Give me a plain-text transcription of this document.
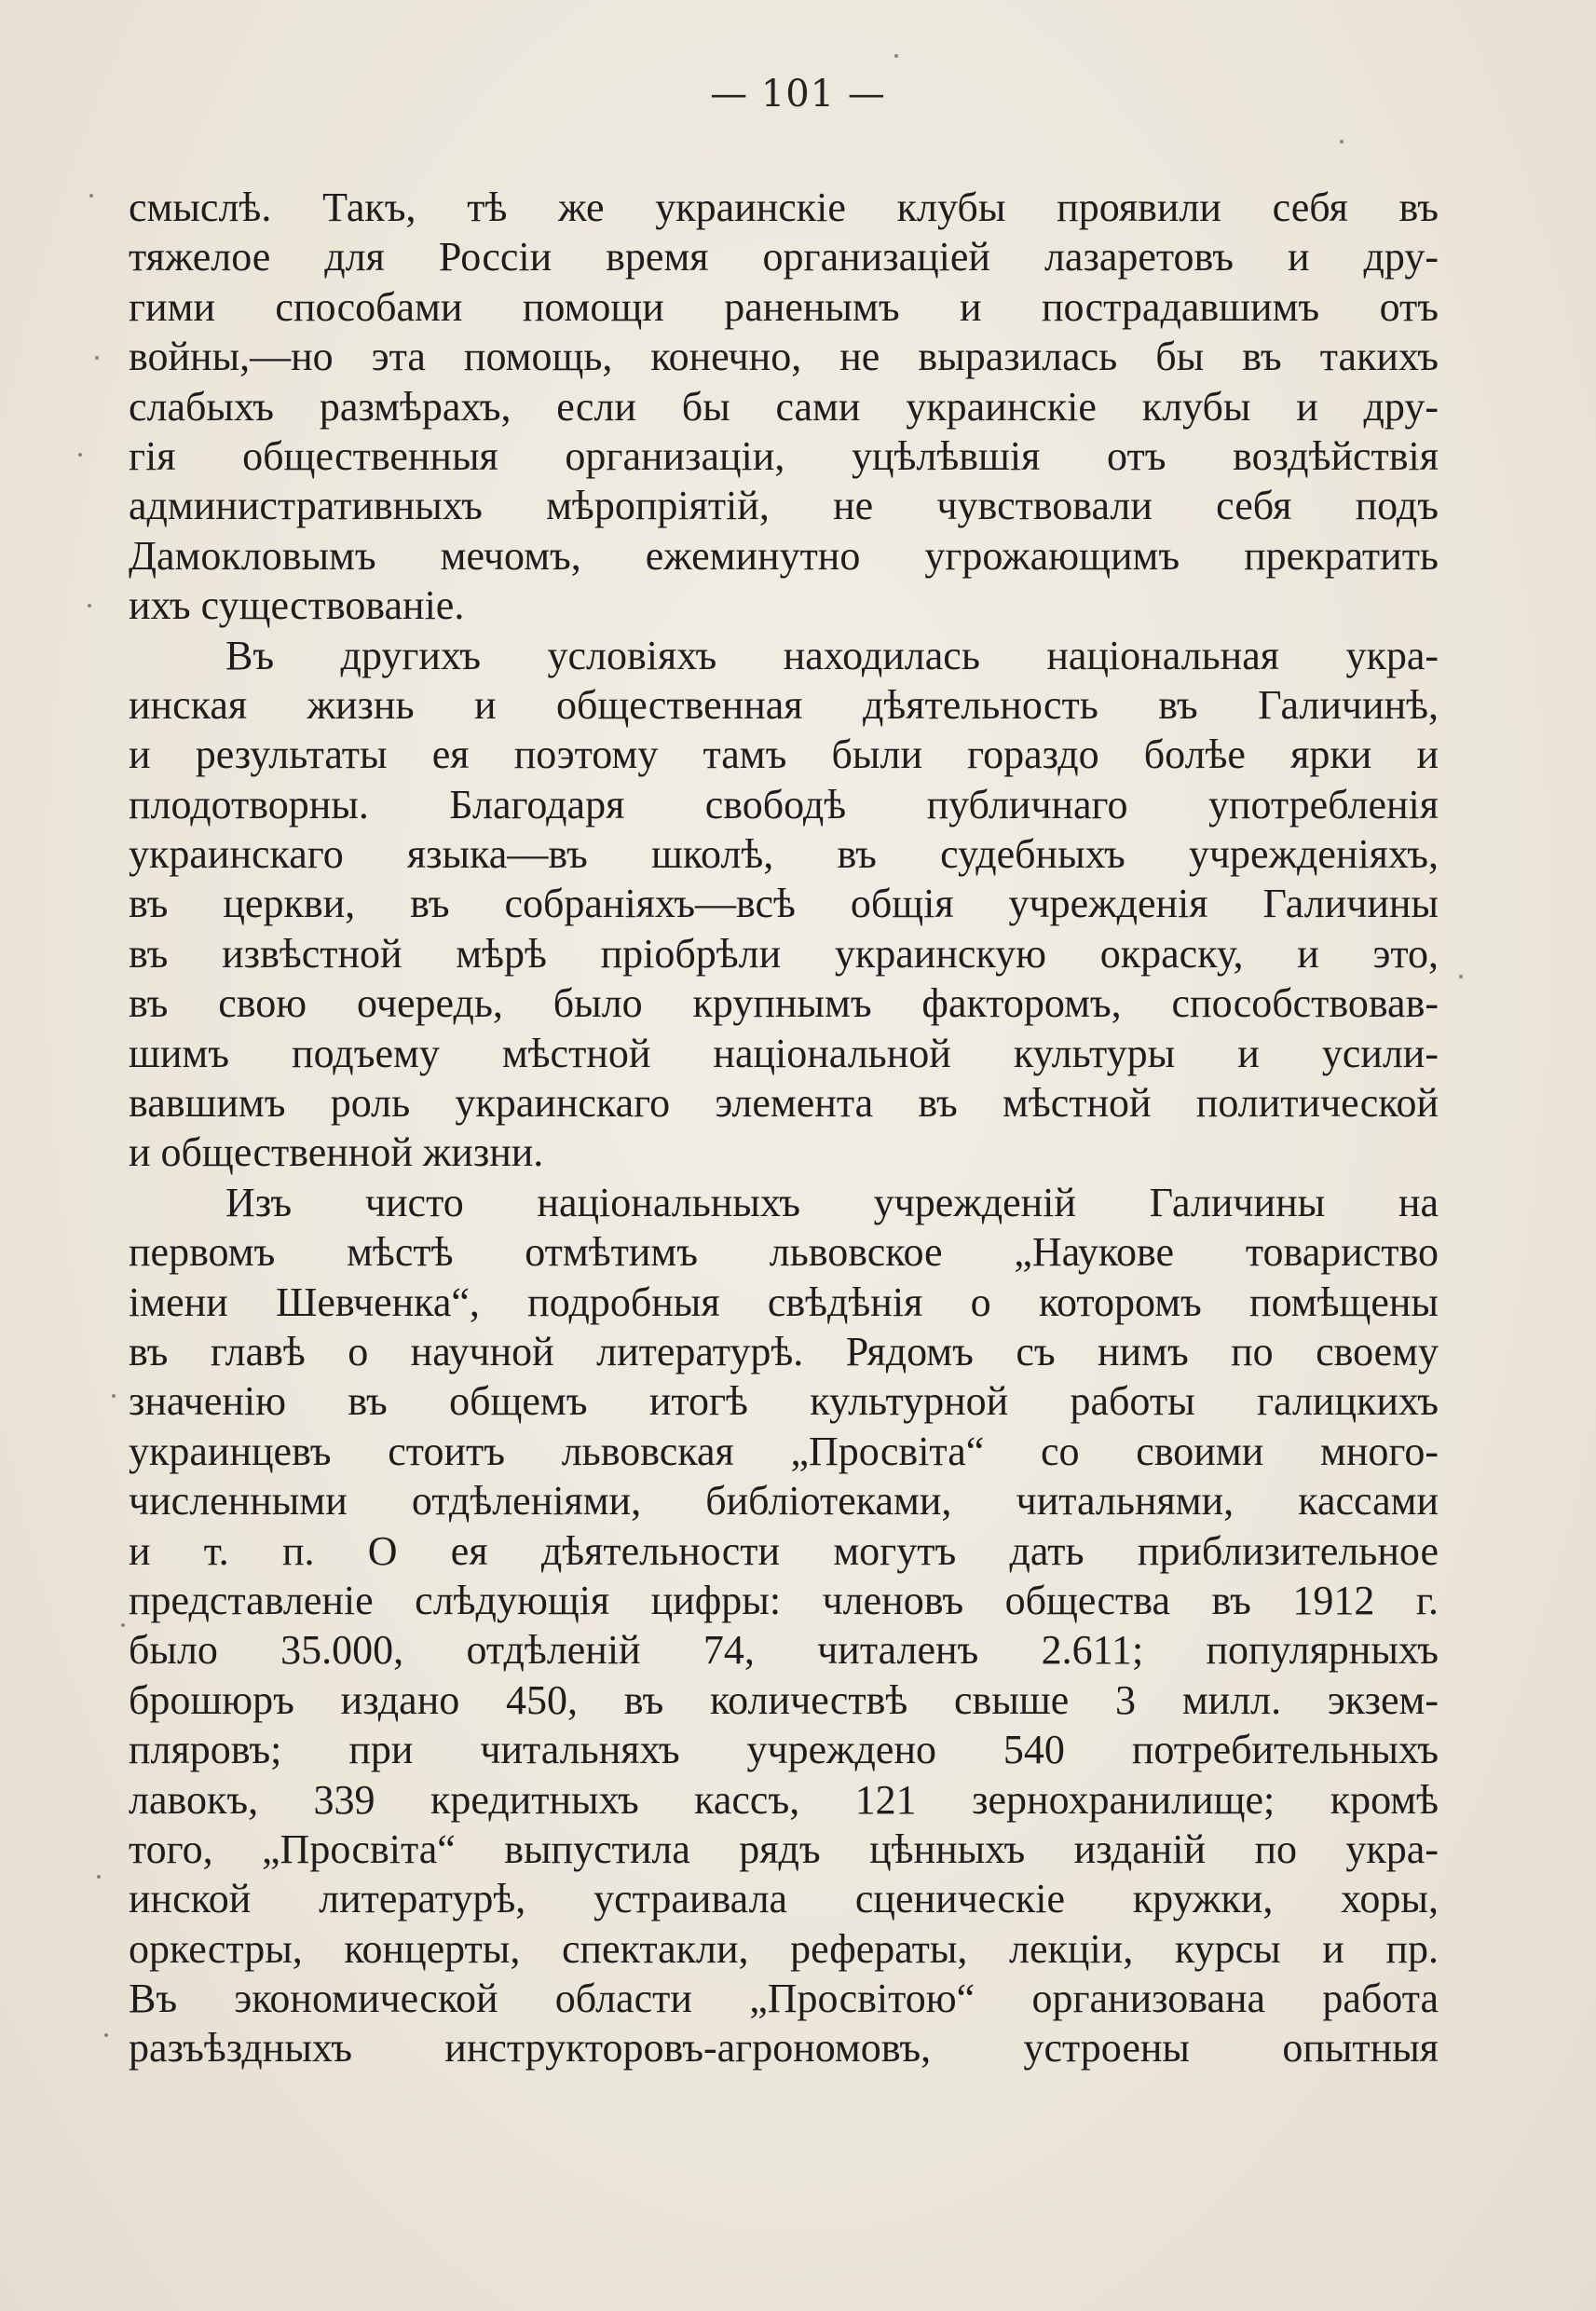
— 101 —
смыслѣ. Такъ, тѣ же украинскіе клубы проявили себя въ
тяжелое для Россіи время организаціей лазаретовъ и дру-
гими способами помощи раненымъ и пострадавшимъ отъ
войны,—но эта помощь, конечно, не выразилась бы въ такихъ
слабыхъ размѣрахъ, если бы сами украинскіе клубы и дру-
гія общественныя организаціи, уцѣлѣвшія отъ воздѣйствія
административныхъ мѣропріятій, не чувствовали себя подъ
Дамокловымъ мечомъ, ежеминутно угрожающимъ прекратить
ихъ существованіе.
Въ другихъ условіяхъ находилась національная укра-
инская жизнь и общественная дѣятельность въ Галичинѣ,
и результаты ея поэтому тамъ были гораздо болѣе ярки и
плодотворны. Благодаря свободѣ публичнаго употребленія
украинскаго языка—въ школѣ, въ судебныхъ учрежденіяхъ,
въ церкви, въ собраніяхъ—всѣ общія учрежденія Галичины
въ извѣстной мѣрѣ пріобрѣли украинскую окраску, и это,
въ свою очередь, было крупнымъ факторомъ, способствовав-
шимъ подъему мѣстной національной культуры и усили-
вавшимъ роль украинскаго элемента въ мѣстной политической
и общественной жизни.
Изъ чисто національныхъ учрежденій Галичины на
первомъ мѣстѣ отмѣтимъ львовское „Наукове товариство
імени Шевченка“, подробныя свѣдѣнія о которомъ помѣщены
въ главѣ о научной литературѣ. Рядомъ съ нимъ по своему
значенію въ общемъ итогѣ культурной работы галицкихъ
украинцевъ стоитъ львовская „Просвіта“ со своими много-
численными отдѣленіями, библіотеками, читальнями, кассами
и т. п. О ея дѣятельности могутъ дать приблизительное
представленіе слѣдующія цифры: членовъ общества въ 1912 г.
было 35.000, отдѣленій 74, читаленъ 2.611; популярныхъ
брошюръ издано 450, въ количествѣ свыше 3 милл. экзем-
пляровъ; при читальняхъ учреждено 540 потребительныхъ
лавокъ, 339 кредитныхъ кассъ, 121 зернохранилище; кромѣ
того, „Просвіта“ выпустила рядъ цѣнныхъ изданій по укра-
инской литературѣ, устраивала сценическіе кружки, хоры,
оркестры, концерты, спектакли, рефераты, лекціи, курсы и пр.
Въ экономической области „Просвітою“ организована работа
разъѣздныхъ инструкторовъ-агрономовъ, устроены опытныя
